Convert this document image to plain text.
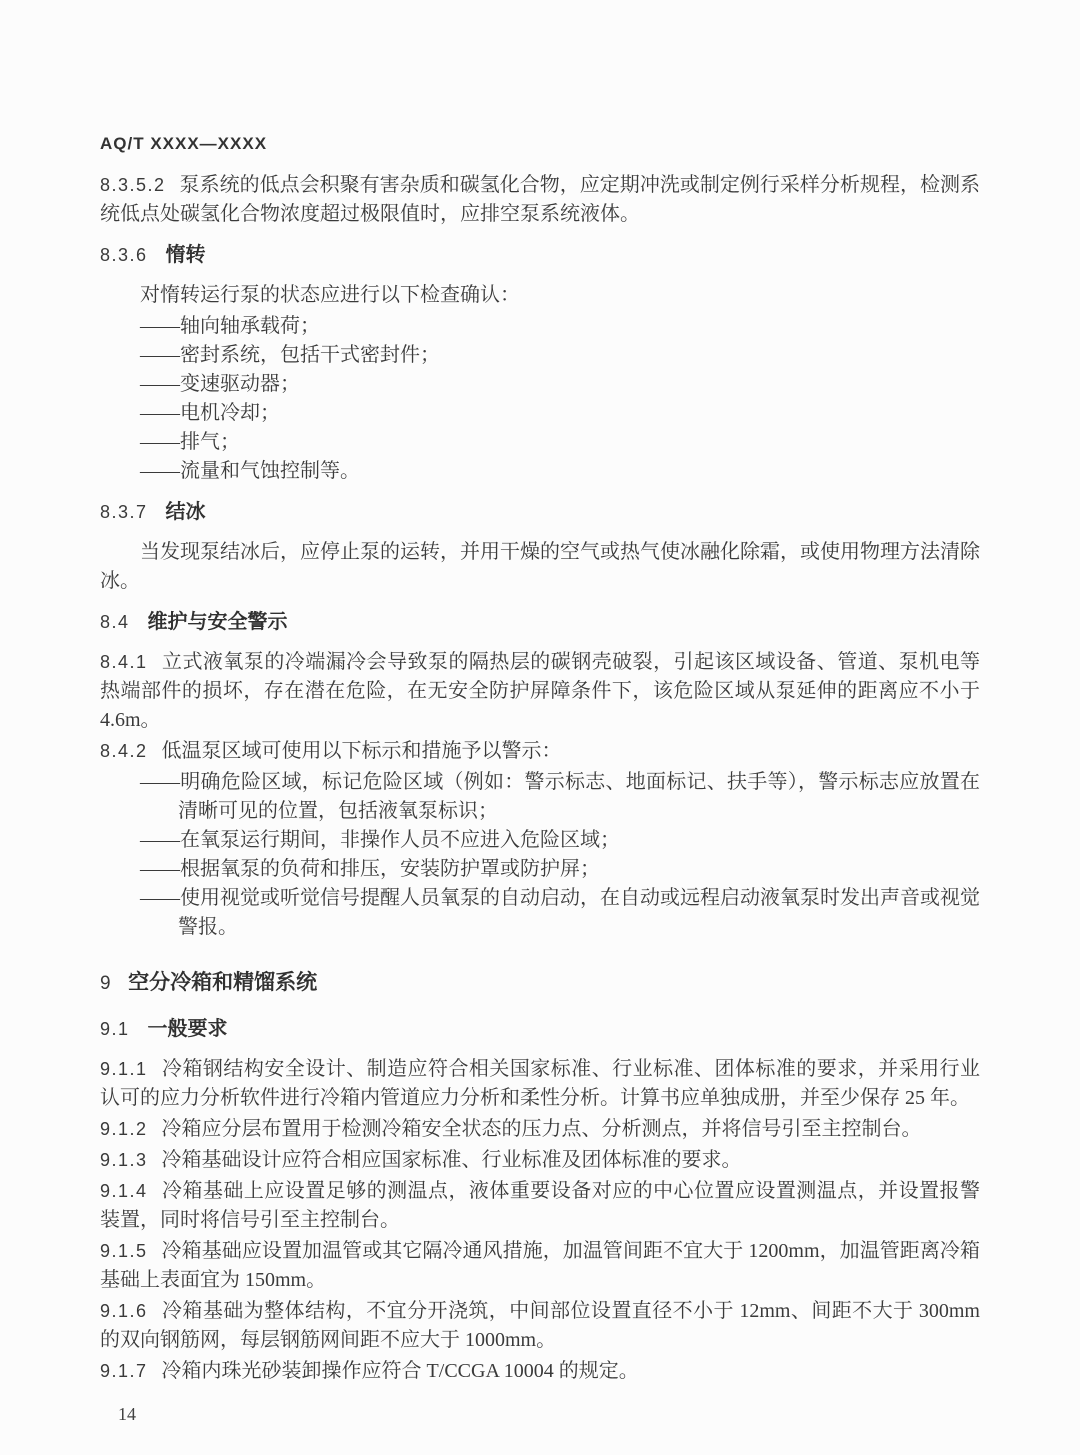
AQ/T XXXX—XXXX
8.3.5.2 泵系统的低点会积聚有害杂质和碳氢化合物，应定期冲洗或制定例行采样分析规程，检测系统低点处碳氢化合物浓度超过极限值时，应排空泵系统液体。
8.3.6 惰转
对惰转运行泵的状态应进行以下检查确认：
——轴向轴承载荷；
——密封系统，包括干式密封件；
——变速驱动器；
——电机冷却；
——排气；
——流量和气蚀控制等。
8.3.7 结冰
当发现泵结冰后，应停止泵的运转，并用干燥的空气或热气使冰融化除霜，或使用物理方法清除冰。
8.4 维护与安全警示
8.4.1 立式液氧泵的冷端漏冷会导致泵的隔热层的碳钢壳破裂，引起该区域设备、管道、泵机电等热端部件的损坏，存在潜在危险，在无安全防护屏障条件下，该危险区域从泵延伸的距离应不小于 4.6m。
8.4.2 低温泵区域可使用以下标示和措施予以警示：
——明确危险区域，标记危险区域（例如：警示标志、地面标记、扶手等），警示标志应放置在清晰可见的位置，包括液氧泵标识；
——在氧泵运行期间，非操作人员不应进入危险区域；
——根据氧泵的负荷和排压，安装防护罩或防护屏；
——使用视觉或听觉信号提醒人员氧泵的自动启动，在自动或远程启动液氧泵时发出声音或视觉警报。
9 空分冷箱和精馏系统
9.1 一般要求
9.1.1 冷箱钢结构安全设计、制造应符合相关国家标准、行业标准、团体标准的要求，并采用行业认可的应力分析软件进行冷箱内管道应力分析和柔性分析。计算书应单独成册，并至少保存 25 年。
9.1.2 冷箱应分层布置用于检测冷箱安全状态的压力点、分析测点，并将信号引至主控制台。
9.1.3 冷箱基础设计应符合相应国家标准、行业标准及团体标准的要求。
9.1.4 冷箱基础上应设置足够的测温点，液体重要设备对应的中心位置应设置测温点，并设置报警装置，同时将信号引至主控制台。
9.1.5 冷箱基础应设置加温管或其它隔冷通风措施，加温管间距不宜大于 1200mm，加温管距离冷箱基础上表面宜为 150mm。
9.1.6 冷箱基础为整体结构，不宜分开浇筑，中间部位设置直径不小于 12mm、间距不大于 300mm 的双向钢筋网，每层钢筋网间距不应大于 1000mm。
9.1.7 冷箱内珠光砂装卸操作应符合 T/CCGA 10004 的规定。
14
